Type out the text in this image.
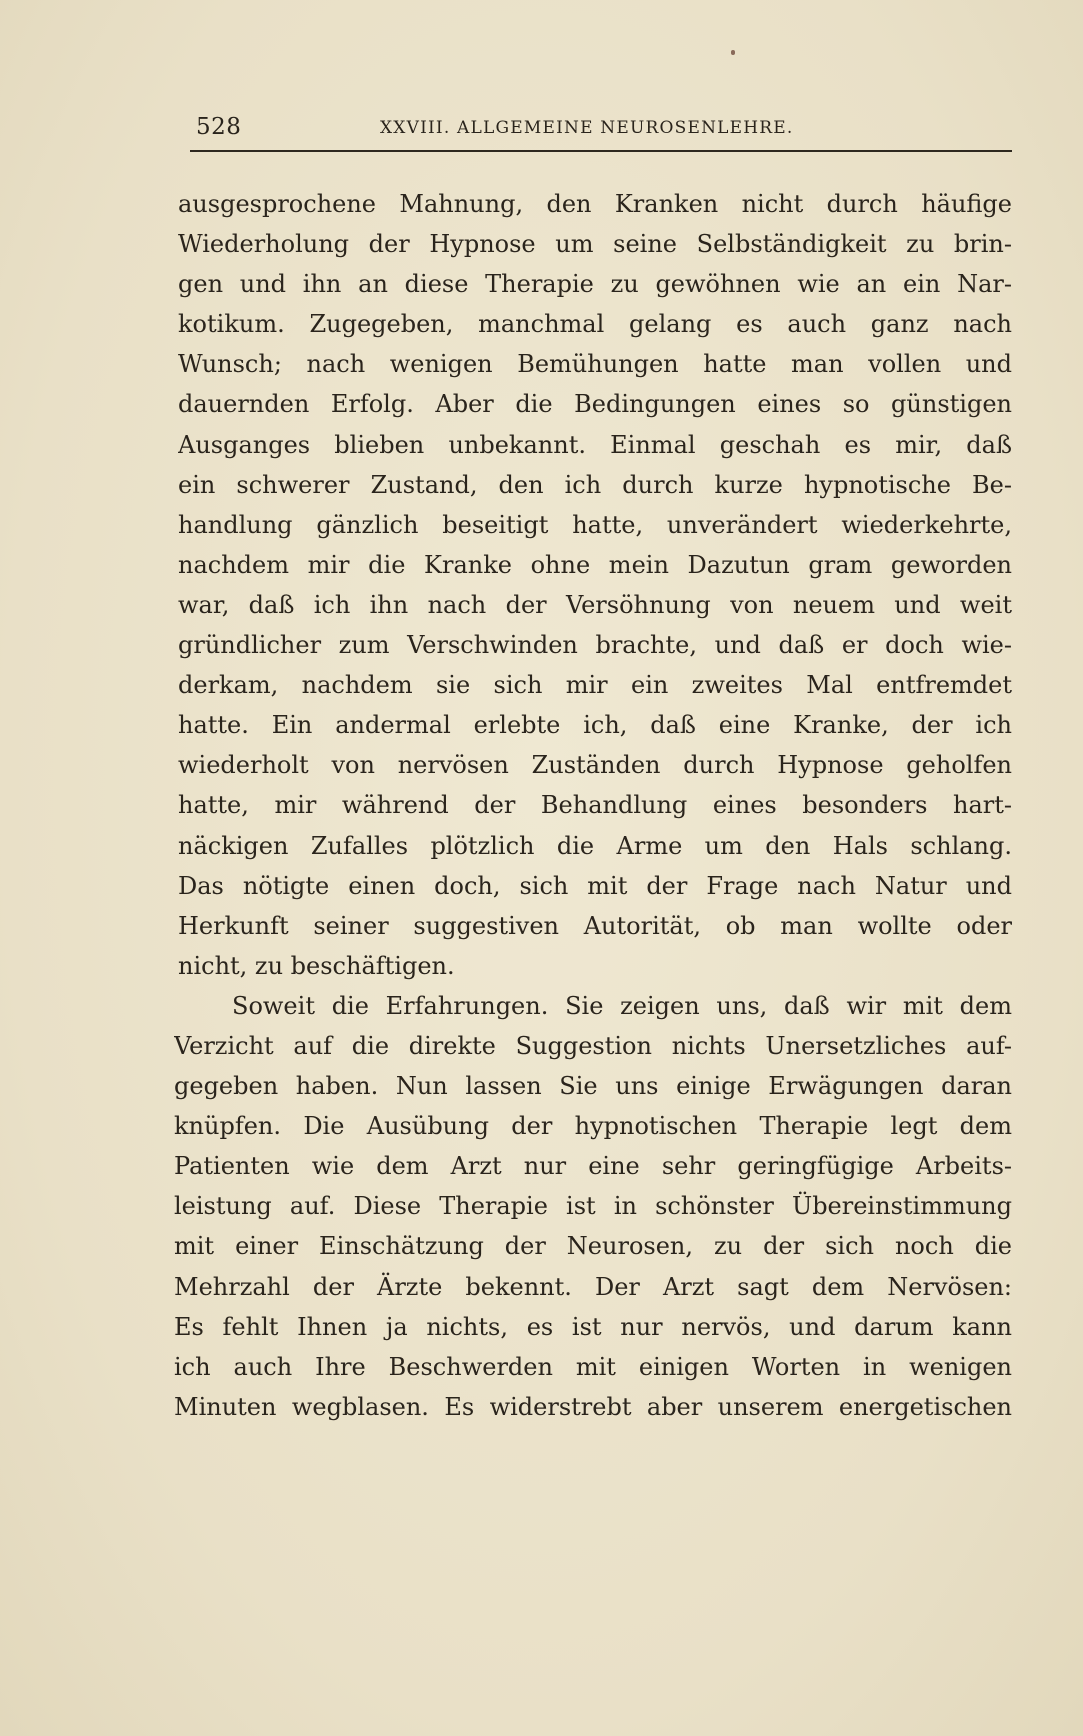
528	XXVIII. ALLGEMEINE NEUROSENLEHRE.
ausgesprochene Mahnung, den Kranken nicht durch häufige
Wiederholung der Hypnose um seine Selbständigkeit zu brin-
gen und ihn an diese Therapie zu gewöhnen wie an ein Nar-
kotikum. Zugegeben, manchmal gelang es auch ganz nach
Wunsch; nach wenigen Bemühungen hatte man vollen und
dauernden Erfolg. Aber die Bedingungen eines so günstigen
Ausganges blieben unbekannt. Einmal geschah es mir, daß
ein schwerer Zustand, den ich durch kurze hypnotische Be-
handlung gänzlich beseitigt hatte, unverändert wiederkehrte,
nachdem mir die Kranke ohne mein Dazutun gram geworden
war, daß ich ihn nach der Versöhnung von neuem und weit
gründlicher zum Verschwinden brachte, und daß er doch wie-
derkam, nachdem sie sich mir ein zweites Mal entfremdet
hatte. Ein andermal erlebte ich, daß eine Kranke, der ich
wiederholt von nervösen Zuständen durch Hypnose geholfen
hatte, mir während der Behandlung eines besonders hart-
näckigen Zufalles plötzlich die Arme um den Hals schlang.
Das nötigte einen doch, sich mit der Frage nach Natur und
Herkunft seiner suggestiven Autorität, ob man wollte oder
nicht, zu beschäftigen.
Soweit die Erfahrungen. Sie zeigen uns, daß wir mit dem
Verzicht auf die direkte Suggestion nichts Unersetzliches auf-
gegeben haben. Nun lassen Sie uns einige Erwägungen daran
knüpfen. Die Ausübung der hypnotischen Therapie legt dem
Patienten wie dem Arzt nur eine sehr geringfügige Arbeits-
leistung auf. Diese Therapie ist in schönster Übereinstimmung
mit einer Einschätzung der Neurosen, zu der sich noch die
Mehrzahl der Ärzte bekennt. Der Arzt sagt dem Nervösen:
Es fehlt Ihnen ja nichts, es ist nur nervös, und darum kann
ich auch Ihre Beschwerden mit einigen Worten in wenigen
Minuten wegblasen. Es widerstrebt aber unserem energetischen
